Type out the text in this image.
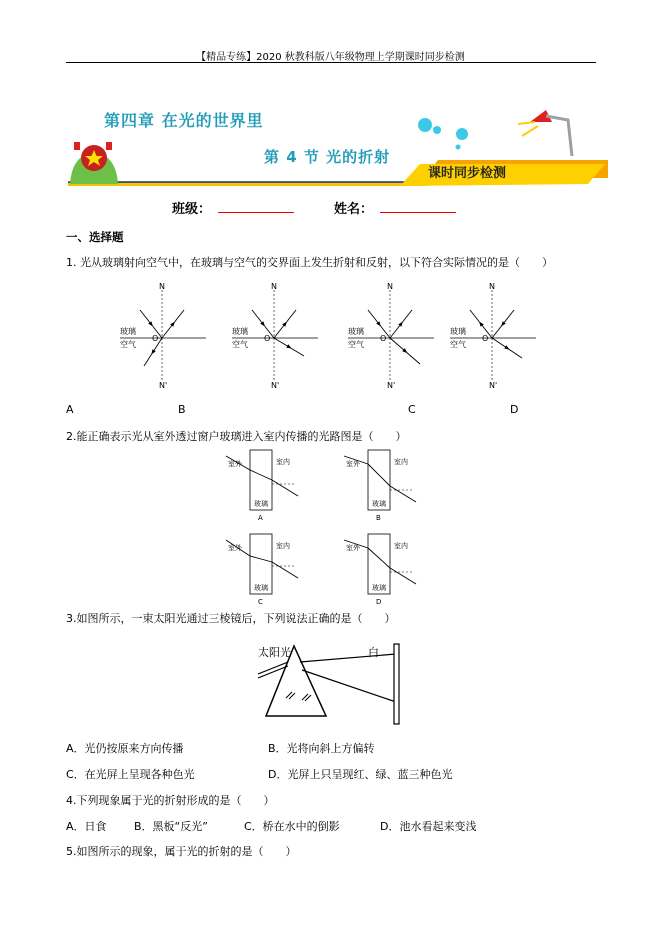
【精品专练】2020 秋教科版八年级物理上学期课时同步检测
第四章 在光的世界里
第 4 节 光的折射
课时同步检测
班级：	姓名：
一、选择题
1. 光从玻璃射向空气中，在玻璃与空气的交界面上发生折射和反射，以下符合实际情况的是（　　）
N
N'
O
玻璃
空气
N
N'
O
玻璃
空气
N
N'
O
玻璃
空气
N
N'
O
玻璃
空气
A	B	C	D
2.能正确表示光从室外透过窗户玻璃进入室内传播的光路图是（　　）
室外	室内
玻璃
A
室外	室内
玻璃
B
室外	室内
玻璃
C
室外	室内
玻璃
D
3.如图所示，一束太阳光通过三棱镜后，下列说法正确的是（　　）
太阳光	白
A．光仍按原来方向传播	B．光将向斜上方偏转
C．在光屏上呈现各种色光	D．光屏上只呈现红、绿、蓝三种色光
4.下列现象属于光的折射形成的是（　　）
A．日食 B．黑板“反光”	C．桥在水中的倒影	D．池水看起来变浅
5.如图所示的现象，属于光的折射的是（　　）
